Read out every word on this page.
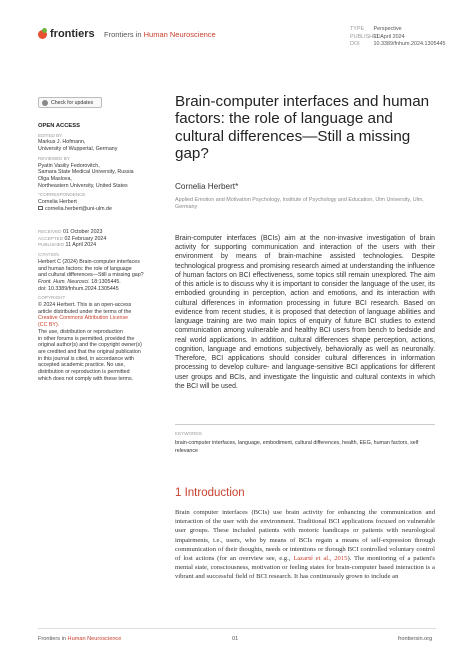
frontiers Frontiers in Human Neuroscience
TYPE Perspective
PUBLISHED 11 April 2024
DOI	10.3389/fnhum.2024.1305445
Check for updates
OPEN ACCESS
EDITED BY
Markus J. Hofmann,
University of Wuppertal, Germany
REVIEWED BY
Pyatin Vasiliy Fedorovitch,
Samara State Medical University, Russia
Olga Maslova,
Northeastern University, United States
*CORRESPONDENCE
Cornelia Herbert
cornelia.herbert@uni-ulm.de
RECEIVED 01 October 2023
ACCEPTED 02 February 2024
PUBLISHED 11 April 2024
CITATION
Herbert C (2024) Brain-computer interfaces
and human factors: the role of language
and cultural differences—Still a missing gap?
Front. Hum. Neurosci. 18:1305445.
doi: 10.3389/fnhum.2024.1305445
COPYRIGHT
© 2024 Herbert. This is an open-access
article distributed under the terms of the
Creative Commons Attribution License
(CC BY).
The use, distribution or reproduction
in other forums is permitted, provided the
original author(s) and the copyright owner(s)
are credited and that the original publication
in this journal is cited, in accordance with
accepted academic practice. No use,
distribution or reproduction is permitted
which does not comply with these terms.
Brain-computer interfaces and human factors: the role of language and cultural differences—Still a missing gap?
Cornelia Herbert*
Applied Emotion and Motivation Psychology, Institute of Psychology and Education, Ulm University, Ulm, Germany
Brain-computer interfaces (BCIs) aim at the non-invasive investigation of brain activity for supporting communication and interaction of the users with their environment by means of brain-machine assisted technologies. Despite technological progress and promising research aimed at understanding the influence of human factors on BCI effectiveness, some topics still remain unexplored. The aim of this article is to discuss why it is important to consider the language of the user, its embodied grounding in perception, action and emotions, and its interaction with cultural differences in information processing in future BCI research. Based on evidence from recent studies, it is proposed that detection of language abilities and language training are two main topics of enquiry of future BCI studies to extend communication among vulnerable and healthy BCI users from bench to bedside and real world applications. In addition, cultural differences shape perception, actions, cognition, language and emotions subjectively, behaviorally as well as neuronally. Therefore, BCI applications should consider cultural differences in information processing to develop culture- and language-sensitive BCI applications for different user groups and BCIs, and investigate the linguistic and cultural contexts in which the BCI will be used.
KEYWORDS
brain-computer interfaces, language, embodiment, cultural differences, health, EEG, human factors, self relevance
1 Introduction
Brain computer interfaces (BCIs) use brain activity for enhancing the communication and interaction of the user with the environment. Traditional BCI applications focused on vulnerable user groups. These included patients with motoric handicaps or patients with neurological impairments, i.e., users, who by means of BCIs regain a means of self-expression through communication of their thoughts, needs or intentions or through BCI controlled voluntary control of lost actions (for an overview see, e.g., Lazarté et al., 2015). The monitoring of a patient's mental state, consciousness, motivation or feeling states for brain-computer based interaction is a vibrant and successful field of BCI research. It has continuously grown to include an
Frontiers in Human Neuroscience	01	frontiersin.org
